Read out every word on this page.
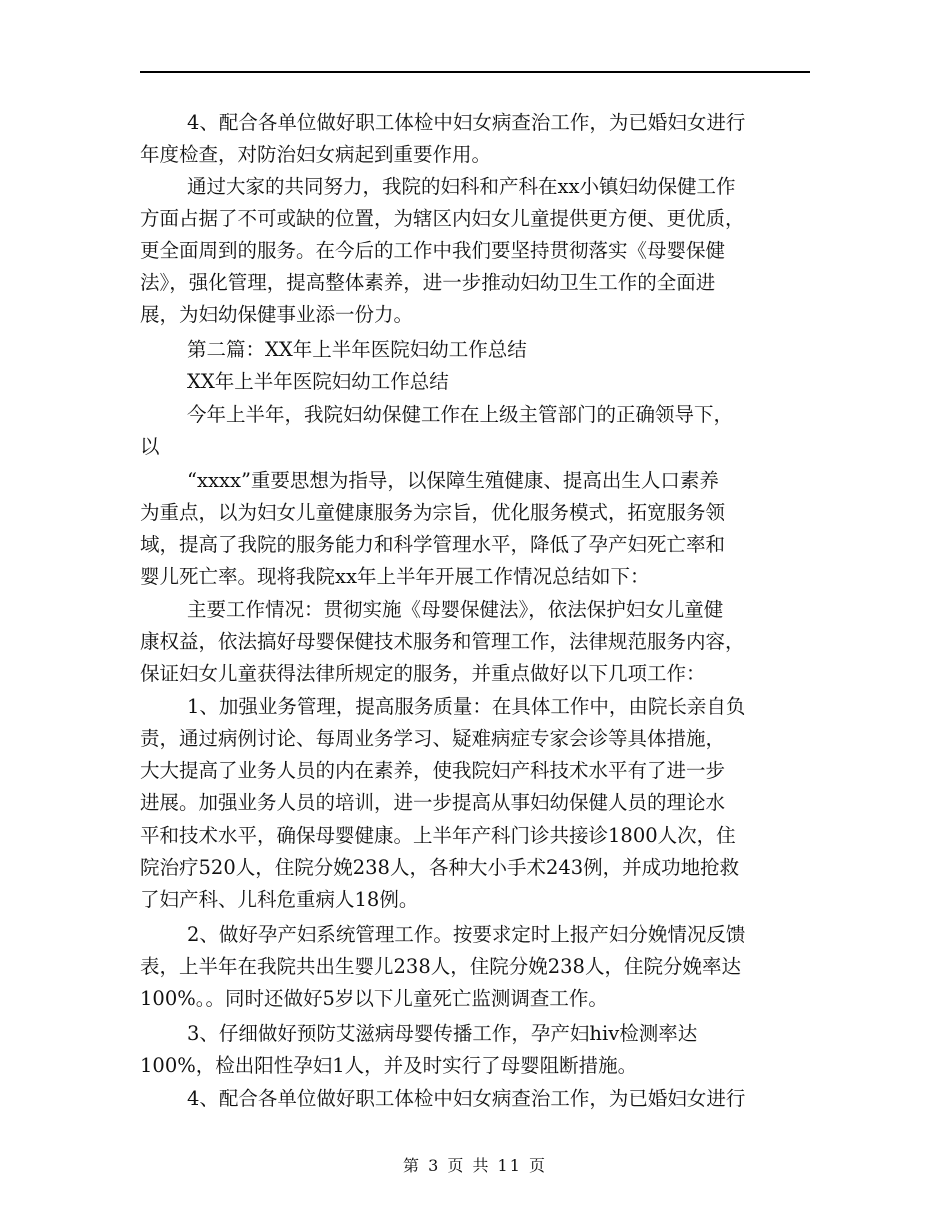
4、配合各单位做好职工体检中妇女病查治工作，为已婚妇女进行
年度检查，对防治妇女病起到重要作用。
通过大家的共同努力，我院的妇科和产科在xx小镇妇幼保健工作
方面占据了不可或缺的位置，为辖区内妇女儿童提供更方便、更优质，
更全面周到的服务。在今后的工作中我们要坚持贯彻落实《母婴保健
法》，强化管理，提高整体素养，进一步推动妇幼卫生工作的全面进
展，为妇幼保健事业添一份力。
第二篇：XX年上半年医院妇幼工作总结
XX年上半年医院妇幼工作总结
今年上半年，我院妇幼保健工作在上级主管部门的正确领导下，
以
“xxxx”重要思想为指导，以保障生殖健康、提高出生人口素养
为重点，以为妇女儿童健康服务为宗旨，优化服务模式，拓宽服务领
域，提高了我院的服务能力和科学管理水平，降低了孕产妇死亡率和
婴儿死亡率。现将我院xx年上半年开展工作情况总结如下：
主要工作情况：贯彻实施《母婴保健法》，依法保护妇女儿童健
康权益，依法搞好母婴保健技术服务和管理工作，法律规范服务内容，
保证妇女儿童获得法律所规定的服务，并重点做好以下几项工作：
1、加强业务管理，提高服务质量：在具体工作中，由院长亲自负
责，通过病例讨论、每周业务学习、疑难病症专家会诊等具体措施，
大大提高了业务人员的内在素养，使我院妇产科技术水平有了进一步
进展。加强业务人员的培训，进一步提高从事妇幼保健人员的理论水
平和技术水平，确保母婴健康。上半年产科门诊共接诊1800人次，住
院治疗520人，住院分娩238人，各种大小手术243例，并成功地抢救
了妇产科、儿科危重病人18例。
2、做好孕产妇系统管理工作。按要求定时上报产妇分娩情况反馈
表，上半年在我院共出生婴儿238人，住院分娩238人，住院分娩率达
100%。。同时还做好5岁以下儿童死亡监测调查工作。
3、仔细做好预防艾滋病母婴传播工作，孕产妇hiv检测率达
100%，检出阳性孕妇1人，并及时实行了母婴阻断措施。
4、配合各单位做好职工体检中妇女病查治工作，为已婚妇女进行
第 3 页 共 11 页
